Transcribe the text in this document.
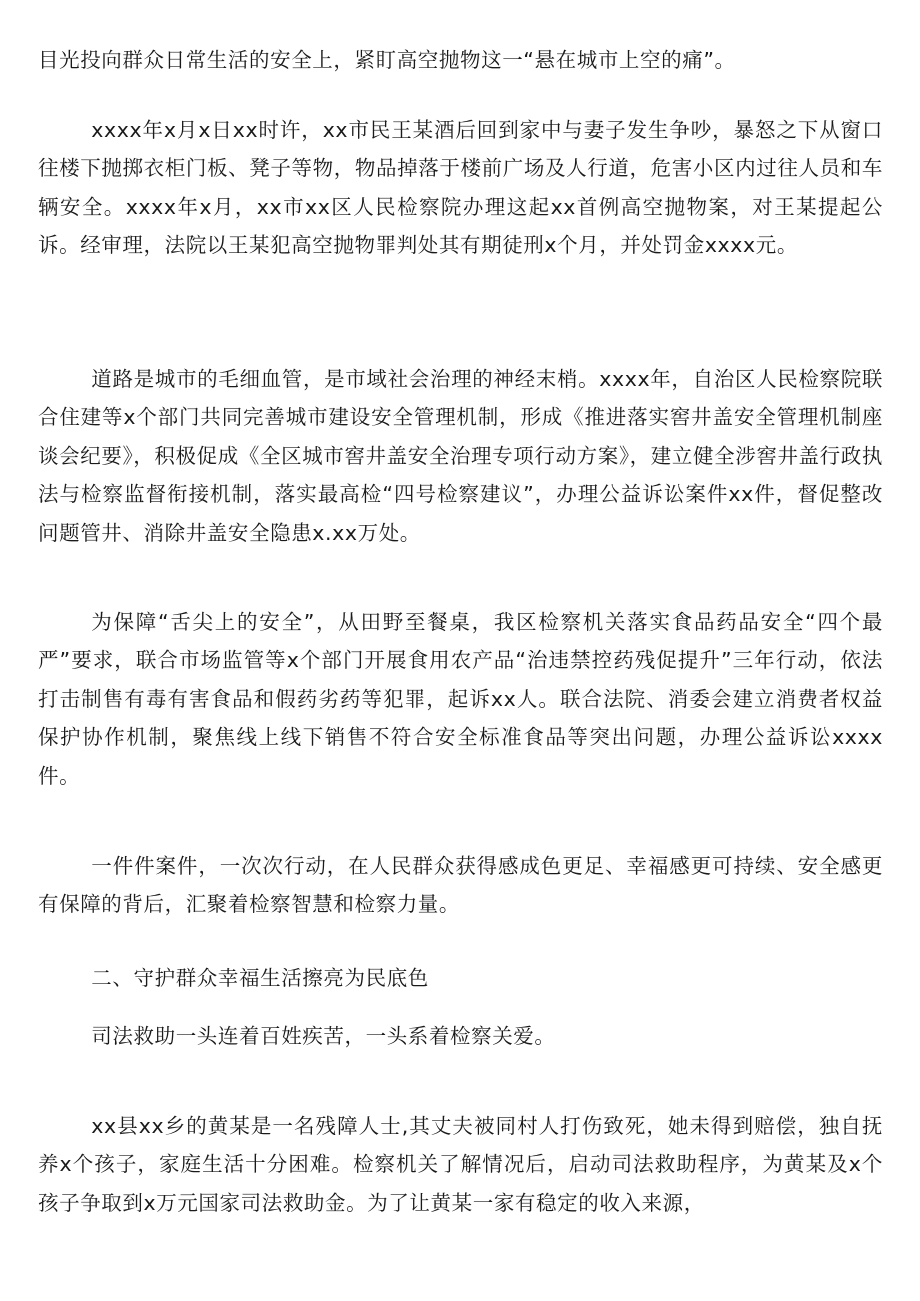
目光投向群众日常生活的安全上，紧盯高空抛物这一“悬在城市上空的痛”。

xxxx年x月x日xx时许，xx市民王某酒后回到家中与妻子发生争吵，暴怒之下从窗口往楼下抛掷衣柜门板、凳子等物，物品掉落于楼前广场及人行道，危害小区内过往人员和车辆安全。xxxx年x月，xx市xx区人民检察院办理这起xx首例高空抛物案，对王某提起公诉。经审理，法院以王某犯高空抛物罪判处其有期徒刑x个月，并处罚金xxxx元。

道路是城市的毛细血管，是市域社会治理的神经末梢。xxxx年，自治区人民检察院联合住建等x个部门共同完善城市建设安全管理机制，形成《推进落实窖井盖安全管理机制座谈会纪要》，积极促成《全区城市窖井盖安全治理专项行动方案》，建立健全涉窖井盖行政执法与检察监督衔接机制，落实最高检“四号检察建议”，办理公益诉讼案件xx件，督促整改问题管井、消除井盖安全隐患x.xx万处。

为保障“舌尖上的安全”，从田野至餐桌，我区检察机关落实食品药品安全“四个最严”要求，联合市场监管等x个部门开展食用农产品“治违禁控药残促提升”三年行动，依法打击制售有毒有害食品和假药劣药等犯罪，起诉xx人。联合法院、消委会建立消费者权益保护协作机制，聚焦线上线下销售不符合安全标准食品等突出问题，办理公益诉讼xxxx件。

一件件案件，一次次行动，在人民群众获得感成色更足、幸福感更可持续、安全感更有保障的背后，汇聚着检察智慧和检察力量。

二、守护群众幸福生活擦亮为民底色

司法救助一头连着百姓疾苦，一头系着检察关爱。

xx县xx乡的黄某是一名残障人士,其丈夫被同村人打伤致死，她未得到赔偿，独自抚养x个孩子，家庭生活十分困难。检察机关了解情况后，启动司法救助程序，为黄某及x个孩子争取到x万元国家司法救助金。为了让黄某一家有稳定的收入来源，
